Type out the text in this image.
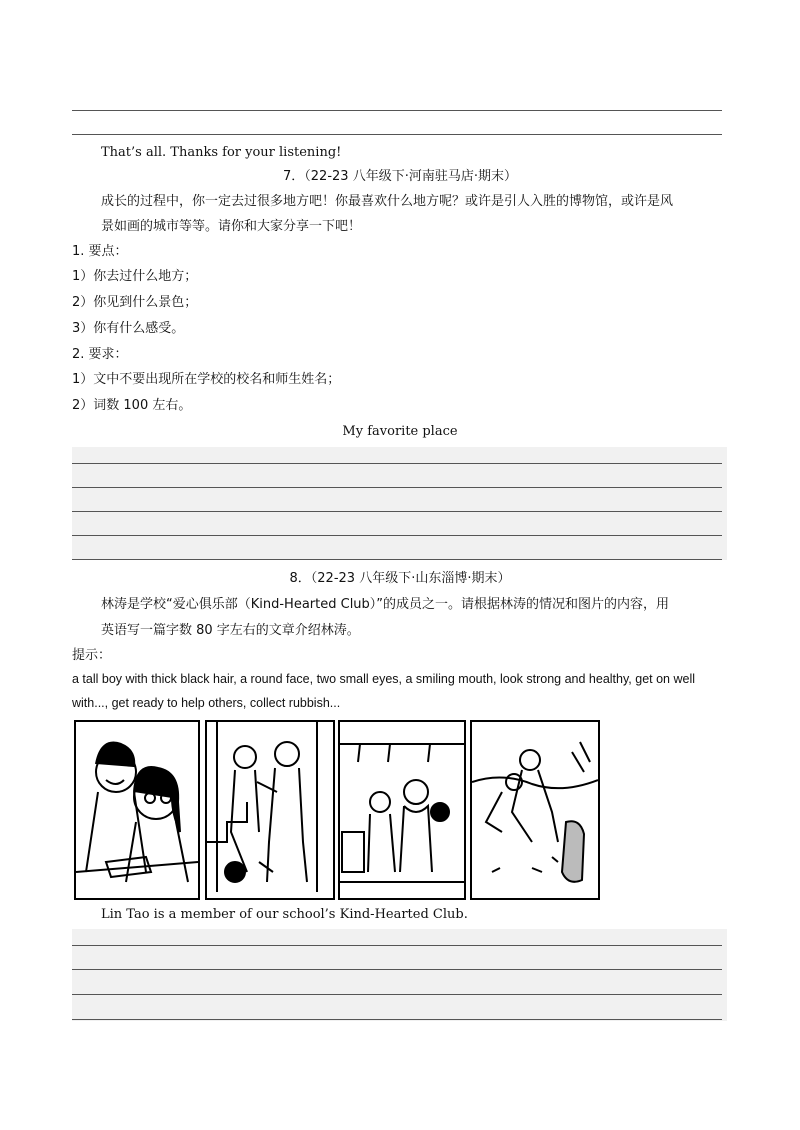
That’s all. Thanks for your listening!
7．（22-23 八年级下·河南驻马店·期末）
成长的过程中，你一定去过很多地方吧！你最喜欢什么地方呢？或许是引人入胜的博物馆，或许是风
景如画的城市等等。请你和大家分享一下吧！
1. 要点：
1）你去过什么地方；
2）你见到什么景色；
3）你有什么感受。
2. 要求：
1）文中不要出现所在学校的校名和师生姓名；
2）词数 100 左右。
My favorite place
8．（22-23 八年级下·山东淄博·期末）
林涛是学校“爱心俱乐部（Kind-Hearted Club）”的成员之一。请根据林涛的情况和图片的内容，用
英语写一篇字数 80 字左右的文章介绍林涛。
提示：
a tall boy with thick black hair, a round face, two small eyes, a smiling mouth, look strong and healthy, get on well
with..., get ready to help others, collect rubbish...
Lin Tao is a member of our school’s Kind-Hearted Club.
